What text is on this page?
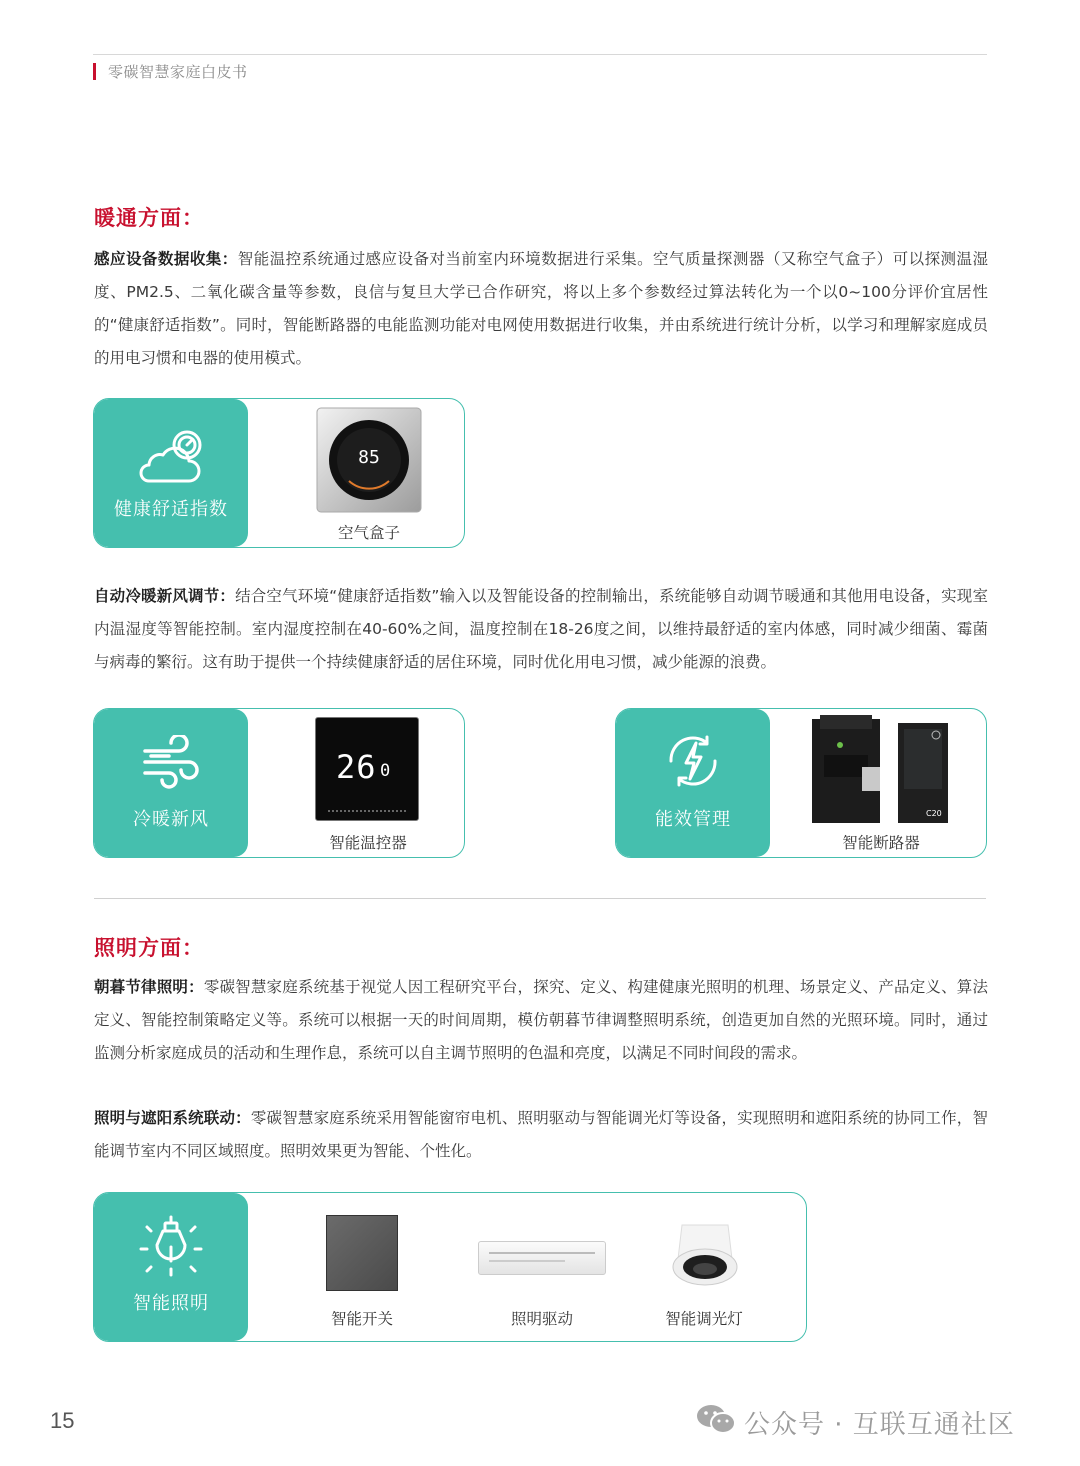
零碳智慧家庭白皮书
暖通方面：
感应设备数据收集：智能温控系统通过感应设备对当前室内环境数据进行采集。空气质量探测器（又称空气盒子）可以探测温湿度、PM2.5、二氧化碳含量等参数，良信与复旦大学已合作研究，将以上多个参数经过算法转化为一个以0~100分评价宜居性的“健康舒适指数”。同时，智能断路器的电能监测功能对电网使用数据进行收集，并由系统进行统计分析，以学习和理解家庭成员的用电习惯和电器的使用模式。
健康舒适指数
85
空气盒子
自动冷暖新风调节：结合空气环境“健康舒适指数”输入以及智能设备的控制输出，系统能够自动调节暖通和其他用电设备，实现室内温湿度等智能控制。室内湿度控制在40-60%之间，温度控制在18-26度之间，以维持最舒适的室内体感，同时减少细菌、霉菌与病毒的繁衍。这有助于提供一个持续健康舒适的居住环境，同时优化用电习惯，减少能源的浪费。
冷暖新风
26 0
智能温控器
能效管理	C20
智能断路器
照明方面：
朝暮节律照明：零碳智慧家庭系统基于视觉人因工程研究平台，探究、定义、构建健康光照明的机理、场景定义、产品定义、算法定义、智能控制策略定义等。系统可以根据一天的时间周期，模仿朝暮节律调整照明系统，创造更加自然的光照环境。同时，通过监测分析家庭成员的活动和生理作息，系统可以自主调节照明的色温和亮度，以满足不同时间段的需求。
照明与遮阳系统联动：零碳智慧家庭系统采用智能窗帘电机、照明驱动与智能调光灯等设备，实现照明和遮阳系统的协同工作，智能调节室内不同区域照度。照明效果更为智能、个性化。
智能照明
智能开关	照明驱动	智能调光灯
15	公众号 · 互联互通社区
